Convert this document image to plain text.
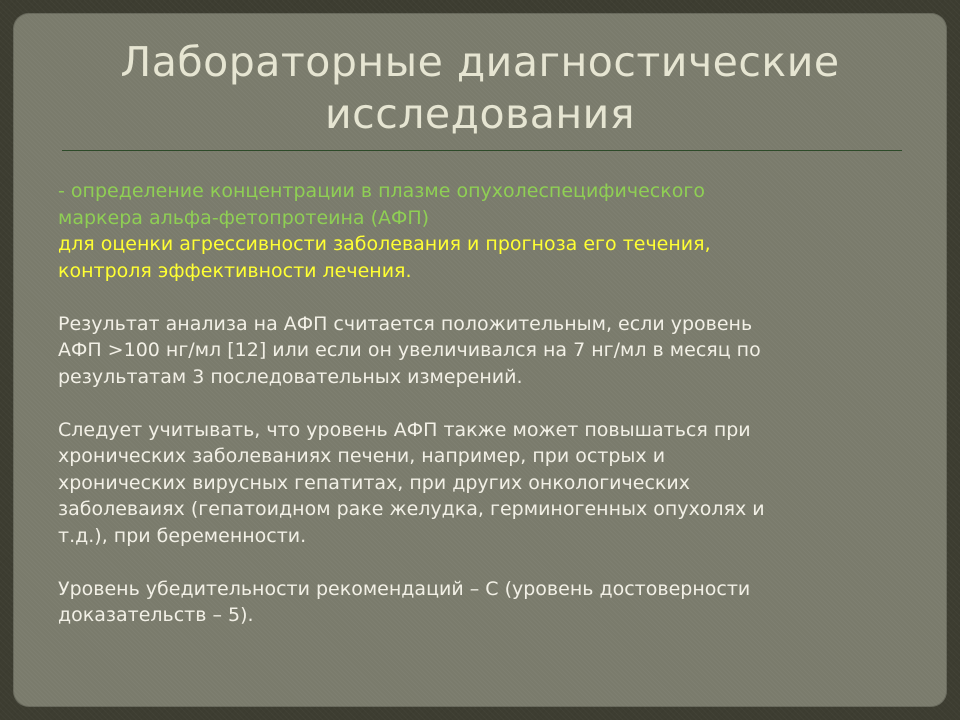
Лабораторные диагностические
исследования

- определение концентрации в плазме опухолеспецифического

маркера альфа-фетопротеина (АФП)

для оценки агрессивности заболевания и прогноза его течения,

контроля эффективности лечения.

Результат анализа на АФП считается положительным, если уровень

АФП >100 нг/мл [12] или если он увеличивался на 7 нг/мл в месяц по

результатам 3 последовательных измерений.

Следует учитывать, что уровень АФП также может повышаться при

хронических заболеваниях печени, например, при острых и

хронических вирусных гепатитах, при других онкологических

заболеваиях (гепатоидном раке желудка, герминогенных опухолях и

т.д.), при беременности.

Уровень убедительности рекомендаций – C (уровень достоверности

доказательств – 5).
